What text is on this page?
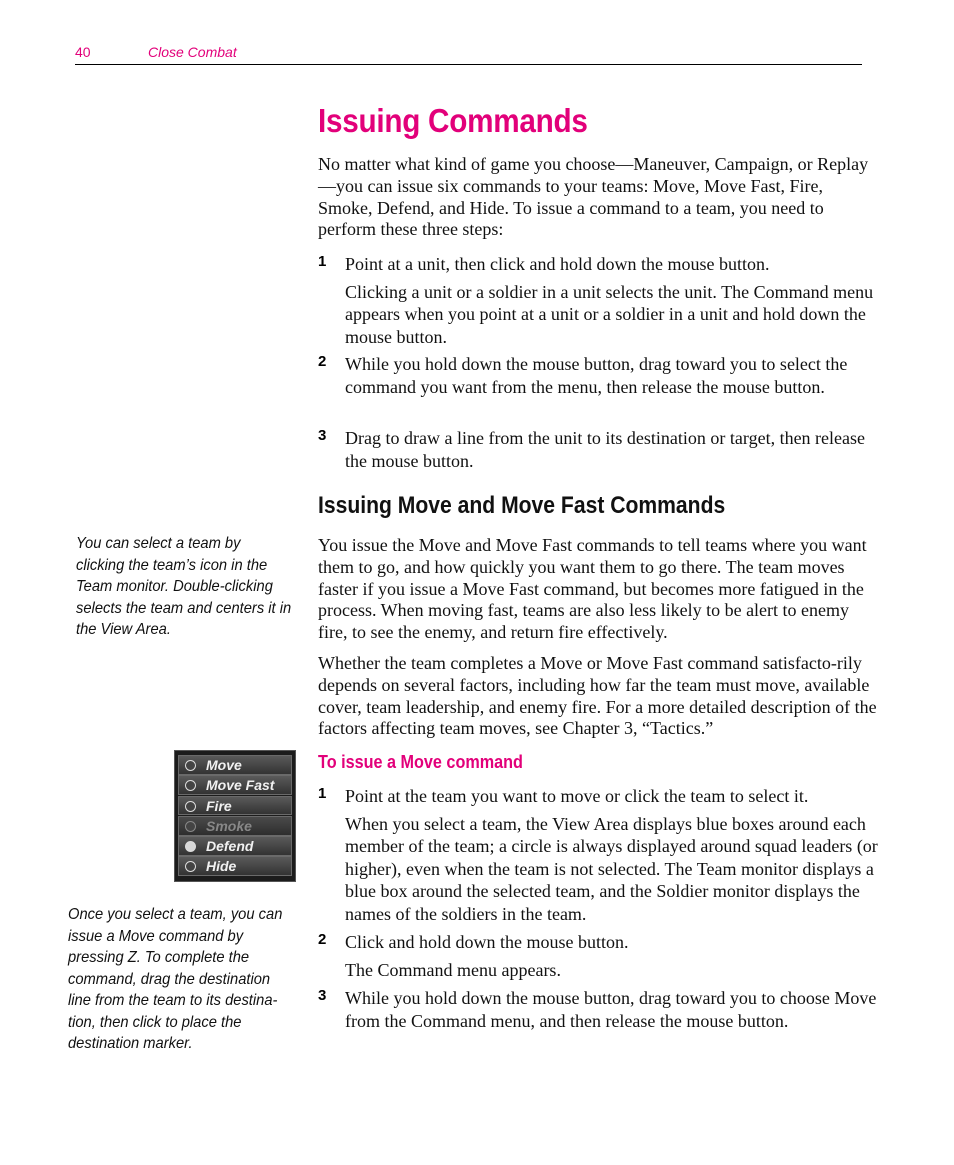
40	Close Combat
Issuing Commands

No matter what kind of game you choose—Maneuver, Campaign, or Replay—you can issue six commands to your teams: Move, Move Fast, Fire, Smoke, Defend, and Hide. To issue a command to a team, you need to perform these three steps:

1 Point at a unit, then click and hold down the mouse button.
Clicking a unit or a soldier in a unit selects the unit. The Command menu appears when you point at a unit or a soldier in a unit and hold down the mouse button.
2 While you hold down the mouse button, drag toward you to select the command you want from the menu, then release the mouse button.
3 Drag to draw a line from the unit to its destination or target, then release the mouse button.
Issuing Move and Move Fast Commands

You issue the Move and Move Fast commands to tell teams where you want them to go, and how quickly you want them to go there. The team moves faster if you issue a Move Fast command, but becomes more fatigued in the process. When moving fast, teams are also less likely to be alert to enemy fire, to see the enemy, and return fire effectively.

Whether the team completes a Move or Move Fast command satisfacto-rily depends on several factors, including how far the team must move, available cover, team leadership, and enemy fire. For a more detailed description of the factors affecting team moves, see Chapter 3, “Tactics.”

To issue a Move command
1 Point at the team you want to move or click the team to select it.
When you select a team, the View Area displays blue boxes around each member of the team; a circle is always displayed around squad leaders (or higher), even when the team is not selected. The Team monitor displays a blue box around the selected team, and the Soldier monitor displays the names of the soldiers in the team.
2 Click and hold down the mouse button.
The Command menu appears.
3 While you hold down the mouse button, drag toward you to choose Move from the Command menu, and then release the mouse button.
You can select a team by clicking the team’s icon in the Team monitor. Double-clicking selects the team and centers it in the View Area.
Once you select a team, you can issue a Move command by pressing Z. To complete the command, drag the destination line from the team to its destina-tion, then click to place the destination marker.
Move
Move Fast
Fire
Smoke
Defend
Hide
